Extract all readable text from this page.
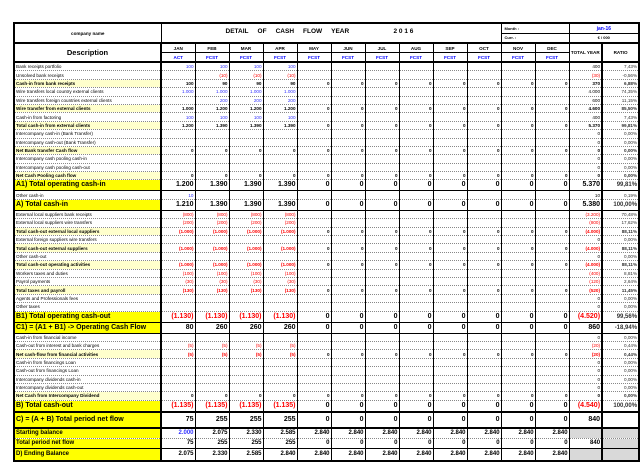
company name	DETAIL OF CASH FLOW YEAR	2 0 1 6	Month :
Curr. :

jan-16
€ / 000

Description	JAN	FEB	MAR	APR	MAY	JUN	JUL	AUG	SEP	OCT	NOV	DEC	TOTAL YEAR	RATIO
	ACT	FCST	FCST	FCST	FCST	FCST	FCST	FCST	FCST	FCST	FCST	FCST		
Bank receipts portfolio	100	100	100	100									400	7,43%
Unsolved bank receipts		(10)	(10)	(10)									(30)	-0,56%
Cash-in from bank receipts	100	90	90	90	0	0	0	0	0	0	0	0	370	6,88%
Wire transfers local country external clients	1.000	1.000	1.000	1.000									4.000	74,35%
Wire transfers foreign countries external clients		200	200	200									600	11,15%
Wire transfer from external clients	1.000	1.200	1.200	1.200	0	0	0	0	0	0	0	0	4.600	85,50%
Cash-in from factoring	100	100	100	100									400	7,43%
Total cash-in from external clients	1.200	1.390	1.390	1.390	0	0	0	0	0	0	0	0	5.370	99,81%
Intercompany cash-in (Bank Transfer)													0	0,00%
Intercompany cash-out (Bank Transfer)													0	0,00%
Net Bank transfer Cash flow	0	0	0	0	0	0	0	0	0	0	0	0	0	0,00%
Intercompany cash pooling cash-in													0	0,00%
Intercompany cash pooling cash-out													0	0,00%
Net Cash Pooling cash flow	0	0	0	0	0	0	0	0	0	0	0	0	0	0,00%
A1) Total operating cash-in	1.200	1.390	1.390	1.390	0	0	0	0	0	0	0	0	5.370	99,81%
Other cash-in	10												10	0,19%
A) Total cash-in	1.210	1.390	1.390	1.390	0	0	0	0	0	0	0	0	5.380	100,00%
External local suppliers bank receipts	(800)	(800)	(800)	(800)									(3.200)	70,48%
External local suppliers wire transfers	(200)	(200)	(200)	(200)									(800)	17,62%
Total cash-out external local suppliers	(1.000)	(1.000)	(1.000)	(1.000)	0	0	0	0	0	0	0	0	(4.000)	88,11%
External foreign suppliers wire transfers													0	0,00%
Total cash-out external suppliers	(1.000)	(1.000)	(1.000)	(1.000)	0	0	0	0	0	0	0	0	(4.000)	88,11%
Other cash-out													0	0,00%
Total cash-out operating activities	(1.000)	(1.000)	(1.000)	(1.000)	0	0	0	0	0	0	0	0	(4.000)	88,11%
Workers taxes and duties	(100)	(100)	(100)	(100)									(400)	8,81%
Payrol payments	(30)	(30)	(30)	(30)									(120)	2,64%
Total taxes and payroll	(130)	(130)	(130)	(130)	0	0	0	0	0	0	0	0	(520)	11,45%
Agents and Professionals fees													0	0,00%
Other taxes													0	0,00%
B1) Total operating cash-out	(1.130)	(1.130)	(1.130)	(1.130)	0	0	0	0	0	0	0	0	(4.520)	99,56%
C1) = (A1 + B1) -> Operating Cash Flow	80	260	260	260	0	0	0	0	0	0	0	0	860	-18,94%
Cash-in from financial income													0	0,00%
Cash-out from interest and bank charges	(5)	(5)	(5)	(5)									(20)	0,44%
Net cash-flow from financial activities	(5)	(5)	(5)	(5)	0	0	0	0	0	0	0	0	(20)	0,44%
Cash-in from financings Loan													0	0,00%
Cash-out from financings Loan													0	0,00%
Intercompany dividends cash-in													0	0,00%
Intercompany dividends cash-out													0	0,00%
Net Cash from Intercompany Dividend	0	0	0	0	0	0	0	0	0	0	0	0	0	0,00%
B) Total cash-out	(1.135)	(1.135)	(1.135)	(1.135)	0	0	0	0	0	0	0	0	(4.540)	100,00%
C) = (A + B) Total period net flow	75	255	255	255	0	0	0	0	0	0	0	0	840	
Starting balance	2.000	2.075	2.330	2.585	2.840	2.840	2.840	2.840	2.840	2.840	2.840	2.840		
Total period net flow	75	255	255	255	0	0	0	0	0	0	0	0	840	
D) Ending Balance	2.075	2.330	2.585	2.840	2.840	2.840	2.840	2.840	2.840	2.840	2.840	2.840		
